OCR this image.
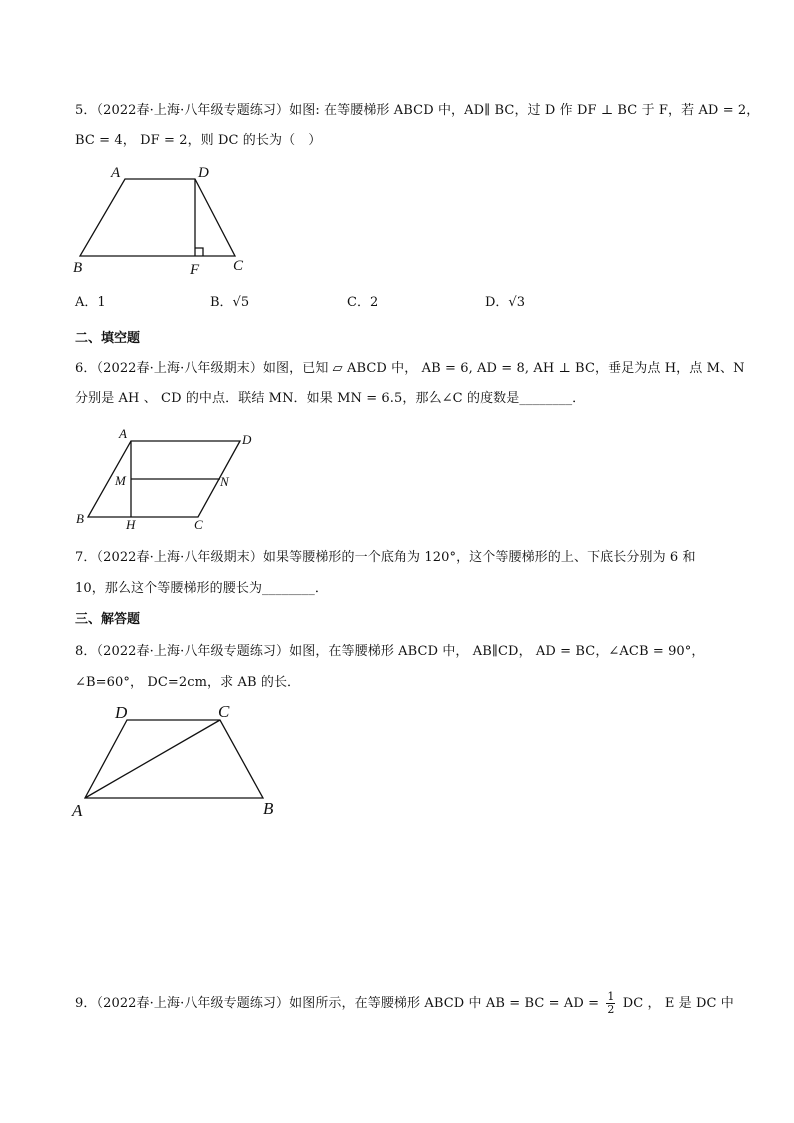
5．（2022春·上海·八年级专题练习）如图: 在等腰梯形 ABCD 中，AD∥ BC，过 D 作 DF ⊥ BC 于 F，若 AD = 2，
BC = 4， DF = 2，则 DC 的长为（　）
A	D
B	F C
A．1	B．√5	C．2	D．√3
二、填空题
6．（2022春·上海·八年级期末）如图，已知 ▱ ABCD 中， AB = 6, AD = 8, AH ⊥ BC，垂足为点 H，点 M、N
分别是 AH 、 CD 的中点．联结 MN．如果 MN = 6.5，那么∠C 的度数是________．
A	D
M	N
B	H	C
7．（2022春·上海·八年级期末）如果等腰梯形的一个底角为 120°，这个等腰梯形的上、下底长分别为 6 和
10，那么这个等腰梯形的腰长为________．
三、解答题
8．（2022春·上海·八年级专题练习）如图，在等腰梯形 ABCD 中， AB∥CD， AD = BC，∠ACB = 90°，
∠B=60°， DC=2cm，求 AB 的长．
D	C
A	B
9．（2022春·上海·八年级专题练习）如图所示，在等腰梯形 ABCD 中 AB = BC = AD = $\frac{1}{2}$ DC ， E 是 DC 中
